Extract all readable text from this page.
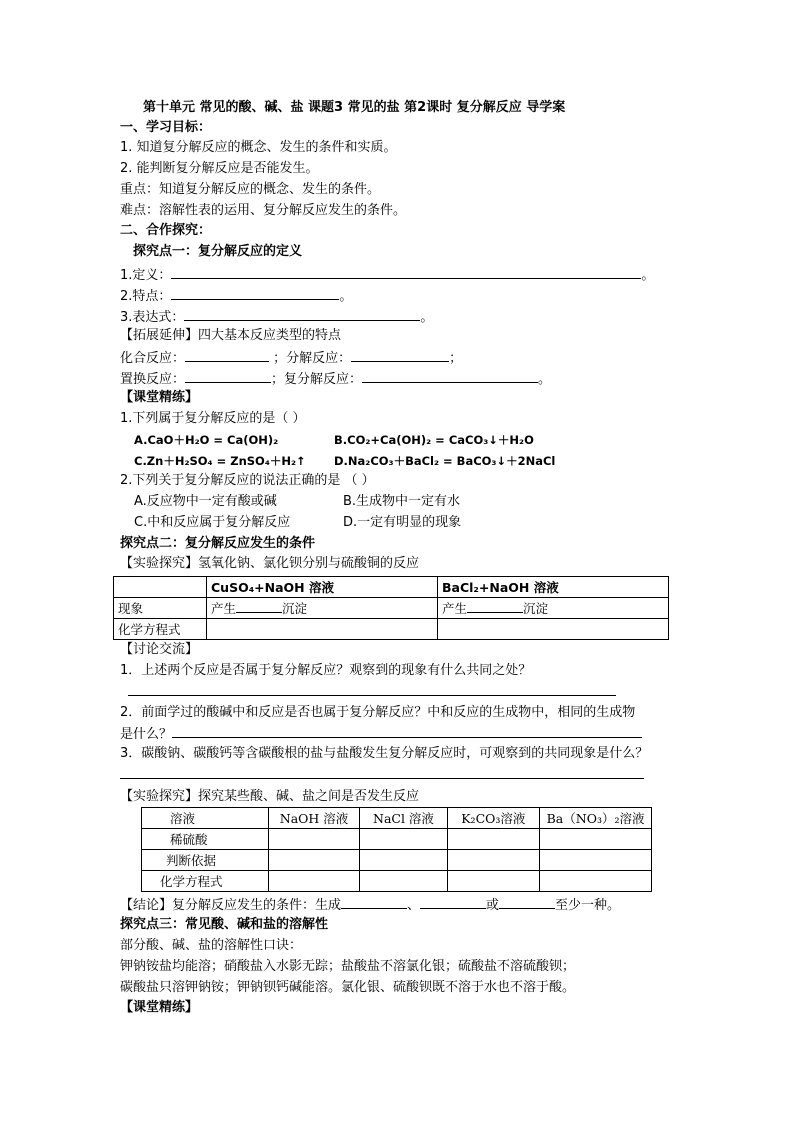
第十单元 常见的酸、碱、盐 课题3 常见的盐 第2课时 复分解反应 导学案
一、学习目标：
1. 知道复分解反应的概念、发生的条件和实质。
2. 能判断复分解反应是否能发生。
重点：知道复分解反应的概念、发生的条件。
难点：溶解性表的运用、复分解反应发生的条件。
二、合作探究：
探究点一：复分解反应的定义
1.定义：	。
2.特点：	。
3.表达式：	。
【拓展延伸】四大基本反应类型的特点
化合反应：	；分解反应：	；
置换反应：	；复分解反应：	。
【课堂精练】
1.下列属于复分解反应的是（ ）
A.CaO＋H₂O = Ca(OH)₂	B.CO₂+Ca(OH)₂ = CaCO₃↓＋H₂O
C.Zn＋H₂SO₄ = ZnSO₄＋H₂↑ D.Na₂CO₃＋BaCl₂ = BaCO₃↓＋2NaCl
2.下列关于复分解反应的说法正确的是 （ ）
A.反应物中一定有酸或碱	B.生成物中一定有水
C.中和反应属于复分解反应	D.一定有明显的现象
探究点二：复分解反应发生的条件
【实验探究】氢氧化钠、氯化钡分别与硫酸铜的反应
	CuSO₄+NaOH 溶液	BaCl₂+NaOH 溶液
现象	产生 沉淀	产生 沉淀
化学方程式		
【讨论交流】
1．上述两个反应是否属于复分解反应？观察到的现象有什么共同之处？
2．前面学过的酸碱中和反应是否也属于复分解反应？中和反应的生成物中，相同的生成物
是什么？
3．碳酸钠、碳酸钙等含碳酸根的盐与盐酸发生复分解反应时，可观察到的共同现象是什么？
【实验探究】探究某些酸、碱、盐之间是否发生反应
溶液	NaOH 溶液	NaCl 溶液	K₂CO₃溶液	Ba（NO₃）₂溶液
稀硫酸				
判断依据				
化学方程式				
【结论】复分解反应发生的条件：生成	、	或	至少一种。
探究点三：常见酸、碱和盐的溶解性
部分酸、碱、盐的溶解性口诀：
钾钠铵盐均能溶；硝酸盐入水影无踪；盐酸盐不溶氯化银；硫酸盐不溶硫酸钡；
碳酸盐只溶钾钠铵；钾钠钡钙碱能溶。氯化银、硫酸钡既不溶于水也不溶于酸。
【课堂精练】
